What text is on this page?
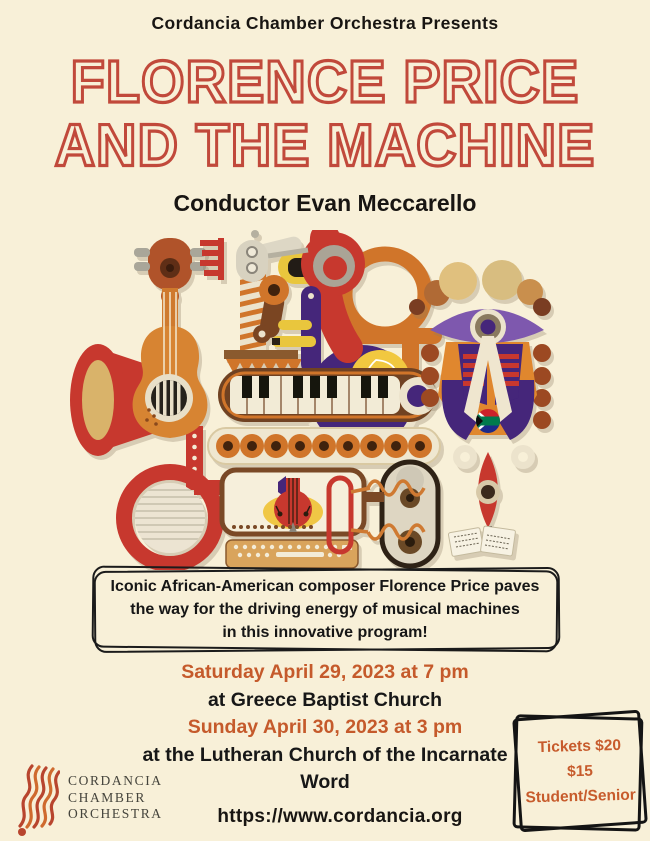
Cordancia Chamber Orchestra Presents
FLORENCE PRICE
AND THE MACHINE
Conductor Evan Meccarello
Iconic African-American composer Florence Price paves
the way for the driving energy of musical machines
in this innovative program!
Saturday April 29, 2023 at 7 pm
at Greece Baptist Church
Sunday April 30, 2023 at 3 pm
at the Lutheran Church of the Incarnate
Word
CORDANCIA
CHAMBER
ORCHESTRA	https://www.cordancia.org
Tickets $20
$15
Student/Senior
